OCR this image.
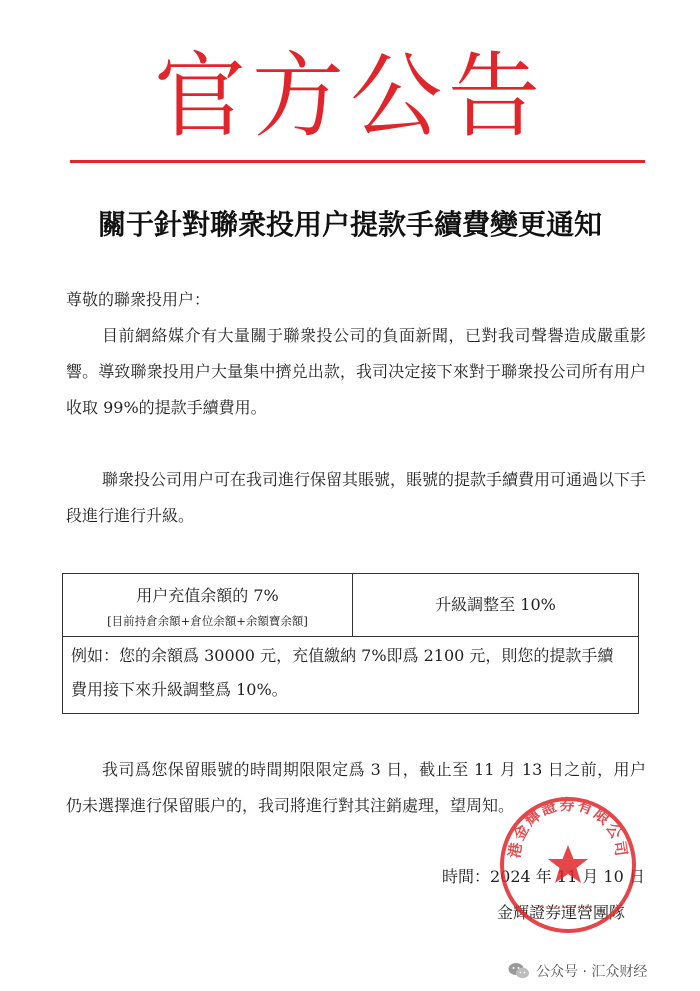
官方公告
關于針對聯衆投用户提款手續費變更通知
尊敬的聯衆投用户：
目前網絡媒介有大量關于聯衆投公司的負面新聞，已對我司聲譽造成嚴重影響。導致聯衆投用户大量集中擠兑出款，我司决定接下來對于聯衆投公司所有用户收取 99%的提款手續費用。
聯衆投公司用户可在我司進行保留其賬號，賬號的提款手續費用可通過以下手段進行進行升級。
用户充值余額的 7%
[目前持倉余額+倉位余額+余額寶余額]
升級調整至 10%
例如：您的余額爲 30000 元，充值繳納 7%即爲 2100 元，則您的提款手續費用接下來升級調整爲 10%。
我司爲您保留賬號的時間期限限定爲 3 日，截止至 11 月 13 日之前，用户仍未選擇進行保留賬户的，我司將進行對其注銷處理，望周知。
時間：2024 年 11 月 10 日
金輝證券運營團隊
港金輝證券有限公司
公众号 · 汇众财经
